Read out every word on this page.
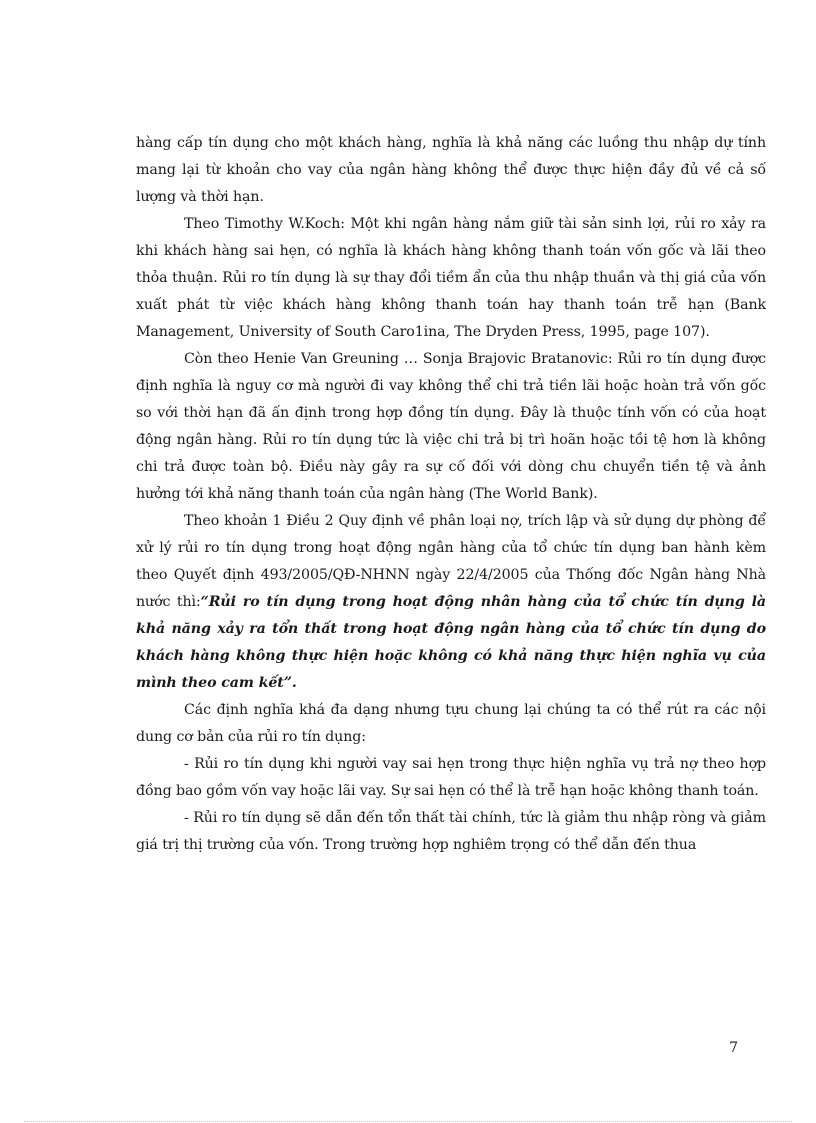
hàng cấp tín dụng cho một khách hàng, nghĩa là khả năng các luồng thu nhập dự tính mang lại từ khoản cho vay của ngân hàng không thể được thực hiện đầy đủ về cả số lượng và thời hạn.

Theo Timothy W.Koch: Một khi ngân hàng nắm giữ tài sản sinh lợi, rủi ro xảy ra khi khách hàng sai hẹn, có nghĩa là khách hàng không thanh toán vốn gốc và lãi theo thỏa thuận. Rủi ro tín dụng là sự thay đổi tiềm ẩn của thu nhập thuần và thị giá của vốn xuất phát từ việc khách hàng không thanh toán hay thanh toán trễ hạn (Bank Management, University of South Caro1ina, The Dryden Press, 1995, page 107).

Còn theo Henie Van Greuning … Sonja Brajovic Bratanovic: Rủi ro tín dụng được định nghĩa là nguy cơ mà người đi vay không thể chi trả tiền lãi hoặc hoàn trả vốn gốc so với thời hạn đã ấn định trong hợp đồng tín dụng. Đây là thuộc tính vốn có của hoạt động ngân hàng. Rủi ro tín dụng tức là việc chi trả bị trì hoãn hoặc tồi tệ hơn là không chi trả được toàn bộ. Điều này gây ra sự cố đối với dòng chu chuyển tiền tệ và ảnh hưởng tới khả năng thanh toán của ngân hàng (The World Bank).

Theo khoản 1 Điều 2 Quy định về phân loại nợ, trích lập và sử dụng dự phòng để xử lý rủi ro tín dụng trong hoạt động ngân hàng của tổ chức tín dụng ban hành kèm theo Quyết định 493/2005/QĐ-NHNN ngày 22/4/2005 của Thống đốc Ngân hàng Nhà nước thì:“Rủi ro tín dụng trong hoạt động nhân hàng của tổ chức tín dụng là khả năng xảy ra tổn thất trong hoạt động ngân hàng của tổ chức tín dụng do khách hàng không thực hiện hoặc không có khả năng thực hiện nghĩa vụ của mình theo cam kết”.

Các định nghĩa khá đa dạng nhưng tựu chung lại chúng ta có thể rút ra các nội dung cơ bản của rủi ro tín dụng:

- Rủi ro tín dụng khi người vay sai hẹn trong thực hiện nghĩa vụ trả nợ theo hợp đồng bao gồm vốn vay hoặc lãi vay. Sự sai hẹn có thể là trễ hạn hoặc không thanh toán.

- Rủi ro tín dụng sẽ dẫn đến tổn thất tài chính, tức là giảm thu nhập ròng và giảm giá trị thị trường của vốn. Trong trường hợp nghiêm trọng có thể dẫn đến thua

7
